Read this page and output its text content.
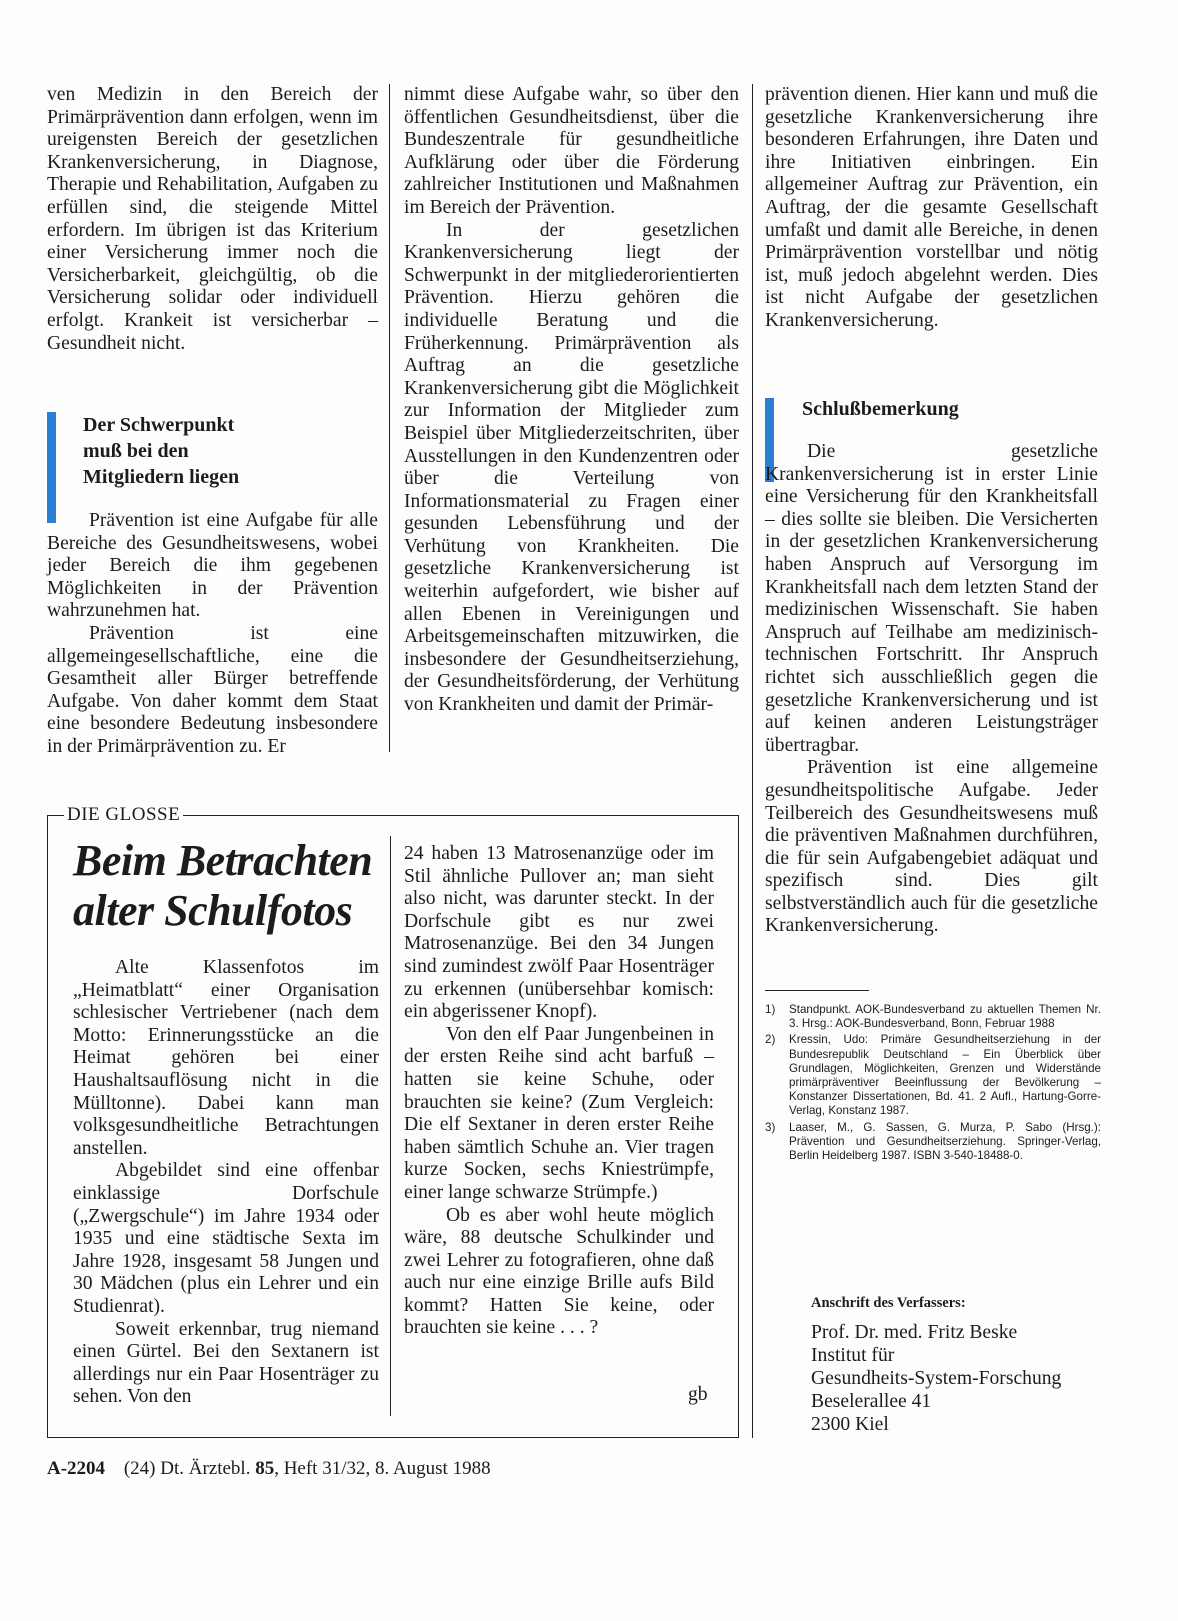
ven Medizin in den Bereich der Primärprävention dann erfolgen, wenn im ureigensten Bereich der gesetzlichen Krankenversicherung, in Diagnose, Therapie und Rehabilitation, Aufgaben zu erfüllen sind, die steigende Mittel erfordern. Im übrigen ist das Kriterium einer Versicherung immer noch die Versicherbarkeit, gleichgültig, ob die Versicherung solidar oder individuell erfolgt. Krankeit ist versicherbar – Gesundheit nicht.

Der Schwerpunkt
muß bei den
Mitgliedern liegen

Prävention ist eine Aufgabe für alle Bereiche des Gesundheitswesens, wobei jeder Bereich die ihm gegebenen Möglichkeiten in der Prävention wahrzunehmen hat.

Prävention ist eine allgemeingesellschaftliche, eine die Gesamtheit aller Bürger betreffende Aufgabe. Von daher kommt dem Staat eine besondere Bedeutung insbesondere in der Primärprävention zu. Er

nimmt diese Aufgabe wahr, so über den öffentlichen Gesundheitsdienst, über die Bundeszentrale für gesundheitliche Aufklärung oder über die Förderung zahlreicher Institutionen und Maßnahmen im Bereich der Prävention.

In der gesetzlichen Krankenversicherung liegt der Schwerpunkt in der mitgliederorientierten Prävention. Hierzu gehören die individuelle Beratung und die Früherkennung. Primärprävention als Auftrag an die gesetzliche Krankenversicherung gibt die Möglichkeit zur Information der Mitglieder zum Beispiel über Mitgliederzeitschriten, über Ausstellungen in den Kundenzentren oder über die Verteilung von Informationsmaterial zu Fragen einer gesunden Lebensführung und der Verhütung von Krankheiten. Die gesetzliche Krankenversicherung ist weiterhin aufgefordert, wie bisher auf allen Ebenen in Vereinigungen und Arbeitsgemeinschaften mitzuwirken, die insbesondere der Gesundheitserziehung, der Gesundheitsförderung, der Verhütung von Krankheiten und damit der Primär-

prävention dienen. Hier kann und muß die gesetzliche Krankenversicherung ihre besonderen Erfahrungen, ihre Daten und ihre Initiativen einbringen. Ein allgemeiner Auftrag zur Prävention, ein Auftrag, der die gesamte Gesellschaft umfaßt und damit alle Bereiche, in denen Primärprävention vorstellbar und nötig ist, muß jedoch abgelehnt werden. Dies ist nicht Aufgabe der gesetzlichen Krankenversicherung.

Schlußbemerkung

Die gesetzliche Krankenversicherung ist in erster Linie eine Versicherung für den Krankheitsfall – dies sollte sie bleiben. Die Versicherten in der gesetzlichen Krankenversicherung haben Anspruch auf Versorgung im Krankheitsfall nach dem letzten Stand der medizinischen Wissenschaft. Sie haben Anspruch auf Teilhabe am medizinisch-technischen Fortschritt. Ihr Anspruch richtet sich ausschließlich gegen die gesetzliche Krankenversicherung und ist auf keinen anderen Leistungsträger übertragbar.

Prävention ist eine allgemeine gesundheitspolitische Aufgabe. Jeder Teilbereich des Gesundheitswesens muß die präventiven Maßnahmen durchführen, die für sein Aufgabengebiet adäquat und spezifisch sind. Dies gilt selbstverständlich auch für die gesetzliche Krankenversicherung.

1) Standpunkt. AOK-Bundesverband zu aktuellen Themen Nr. 3. Hrsg.: AOK-Bundesverband, Bonn, Februar 1988
2) Kressin, Udo: Primäre Gesundheitserziehung in der Bundesrepublik Deutschland – Ein Überblick über Grundlagen, Möglichkeiten, Grenzen und Widerstände primärpräventiver Beeinflussung der Bevölkerung – Konstanzer Dissertationen, Bd. 41. 2 Aufl., Hartung-Gorre-Verlag, Konstanz 1987.
3) Laaser, M., G. Sassen, G. Murza, P. Sabo (Hrsg.): Prävention und Gesundheitserziehung. Springer-Verlag, Berlin Heidelberg 1987. ISBN 3-540-18488-0.
Anschrift des Verfassers:
Prof. Dr. med. Fritz Beske
Institut für
Gesundheits-System-Forschung
Beselerallee 41
2300 Kiel
DIE GLOSSE
Beim Betrachten
alter Schulfotos

Alte Klassenfotos im „Heimatblatt“ einer Organisation schlesischer Vertriebener (nach dem Motto: Erinnerungsstücke an die Heimat gehören bei einer Haushaltsauflösung nicht in die Mülltonne). Dabei kann man volksgesundheitliche Betrachtungen anstellen.

Abgebildet sind eine offenbar einklassige Dorfschule („Zwergschule“) im Jahre 1934 oder 1935 und eine städtische Sexta im Jahre 1928, insgesamt 58 Jungen und 30 Mädchen (plus ein Lehrer und ein Studienrat).

Soweit erkennbar, trug niemand einen Gürtel. Bei den Sextanern ist allerdings nur ein Paar Hosenträger zu sehen. Von den

24 haben 13 Matrosenanzüge oder im Stil ähnliche Pullover an; man sieht also nicht, was darunter steckt. In der Dorfschule gibt es nur zwei Matrosenanzüge. Bei den 34 Jungen sind zumindest zwölf Paar Hosenträger zu erkennen (unübersehbar komisch: ein abgerissener Knopf).

Von den elf Paar Jungenbeinen in der ersten Reihe sind acht barfuß – hatten sie keine Schuhe, oder brauchten sie keine? (Zum Vergleich: Die elf Sextaner in deren erster Reihe haben sämtlich Schuhe an. Vier tragen kurze Socken, sechs Kniestrümpfe, einer lange schwarze Strümpfe.)

Ob es aber wohl heute möglich wäre, 88 deutsche Schulkinder und zwei Lehrer zu fotografieren, ohne daß auch nur eine einzige Brille aufs Bild kommt? Hatten Sie keine, oder brauchten sie keine . . . ?

gb
A-2204 (24) Dt. Ärztebl. 85, Heft 31/32, 8. August 1988
